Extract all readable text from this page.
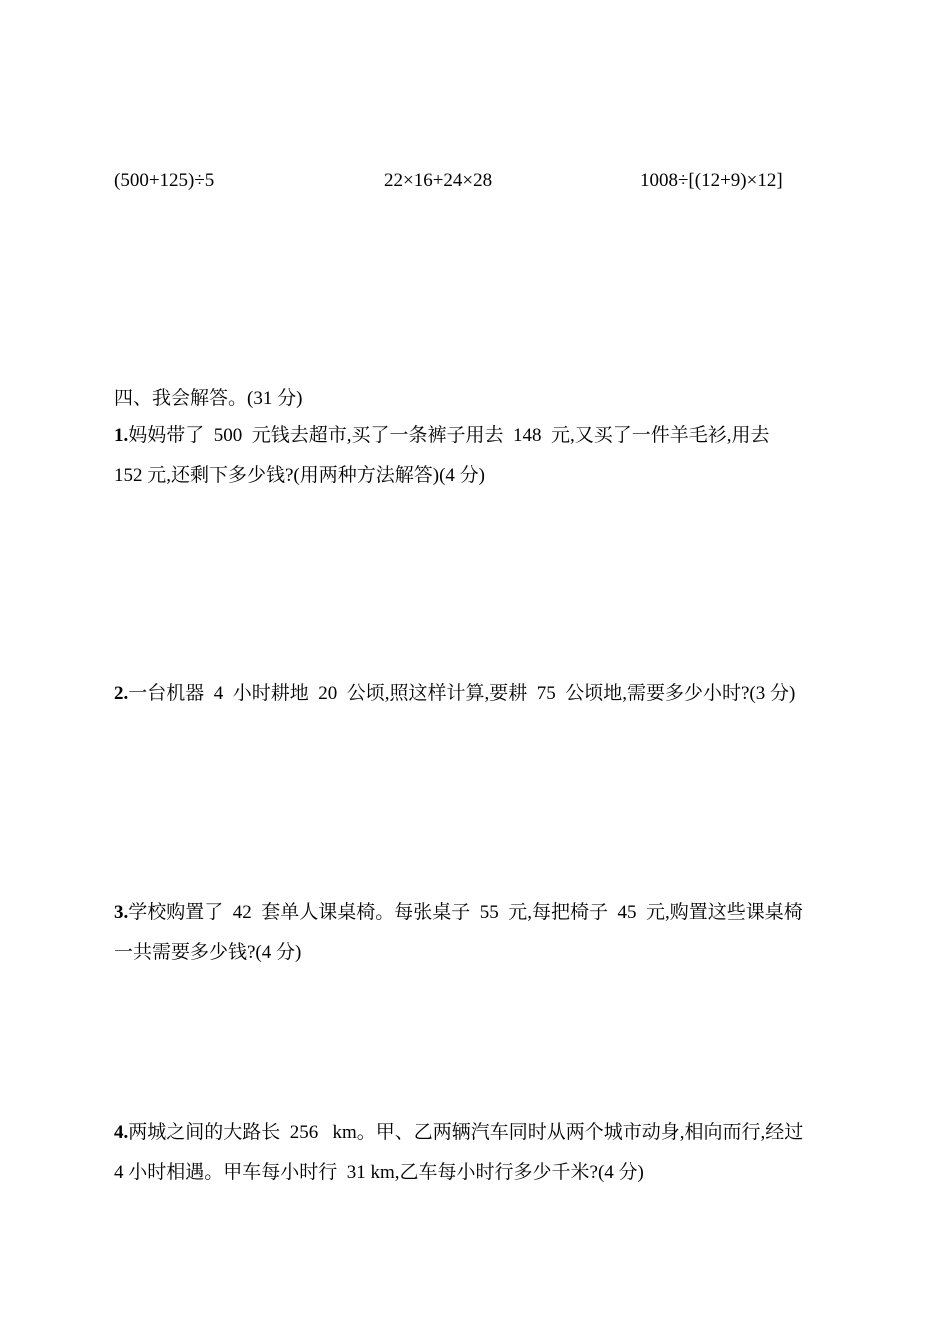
(500+125)÷5	22×16+24×28	1008÷[(12+9)×12]
四、我会解答。(31 分)
1.妈妈带了  500  元钱去超市,买了一条裤子用去  148  元,又买了一件羊毛衫,用去
152 元,还剩下多少钱?(用两种方法解答)(4 分)
2.一台机器  4  小时耕地  20  公顷,照这样计算,要耕  75  公顷地,需要多少小时?(3 分)
3.学校购置了  42  套单人课桌椅。每张桌子  55  元,每把椅子  45  元,购置这些课桌椅
一共需要多少钱?(4 分)
4.两城之间的大路长  256   km。甲、乙两辆汽车同时从两个城市动身,相向而行,经过
4 小时相遇。甲车每小时行  31 km,乙车每小时行多少千米?(4 分)
